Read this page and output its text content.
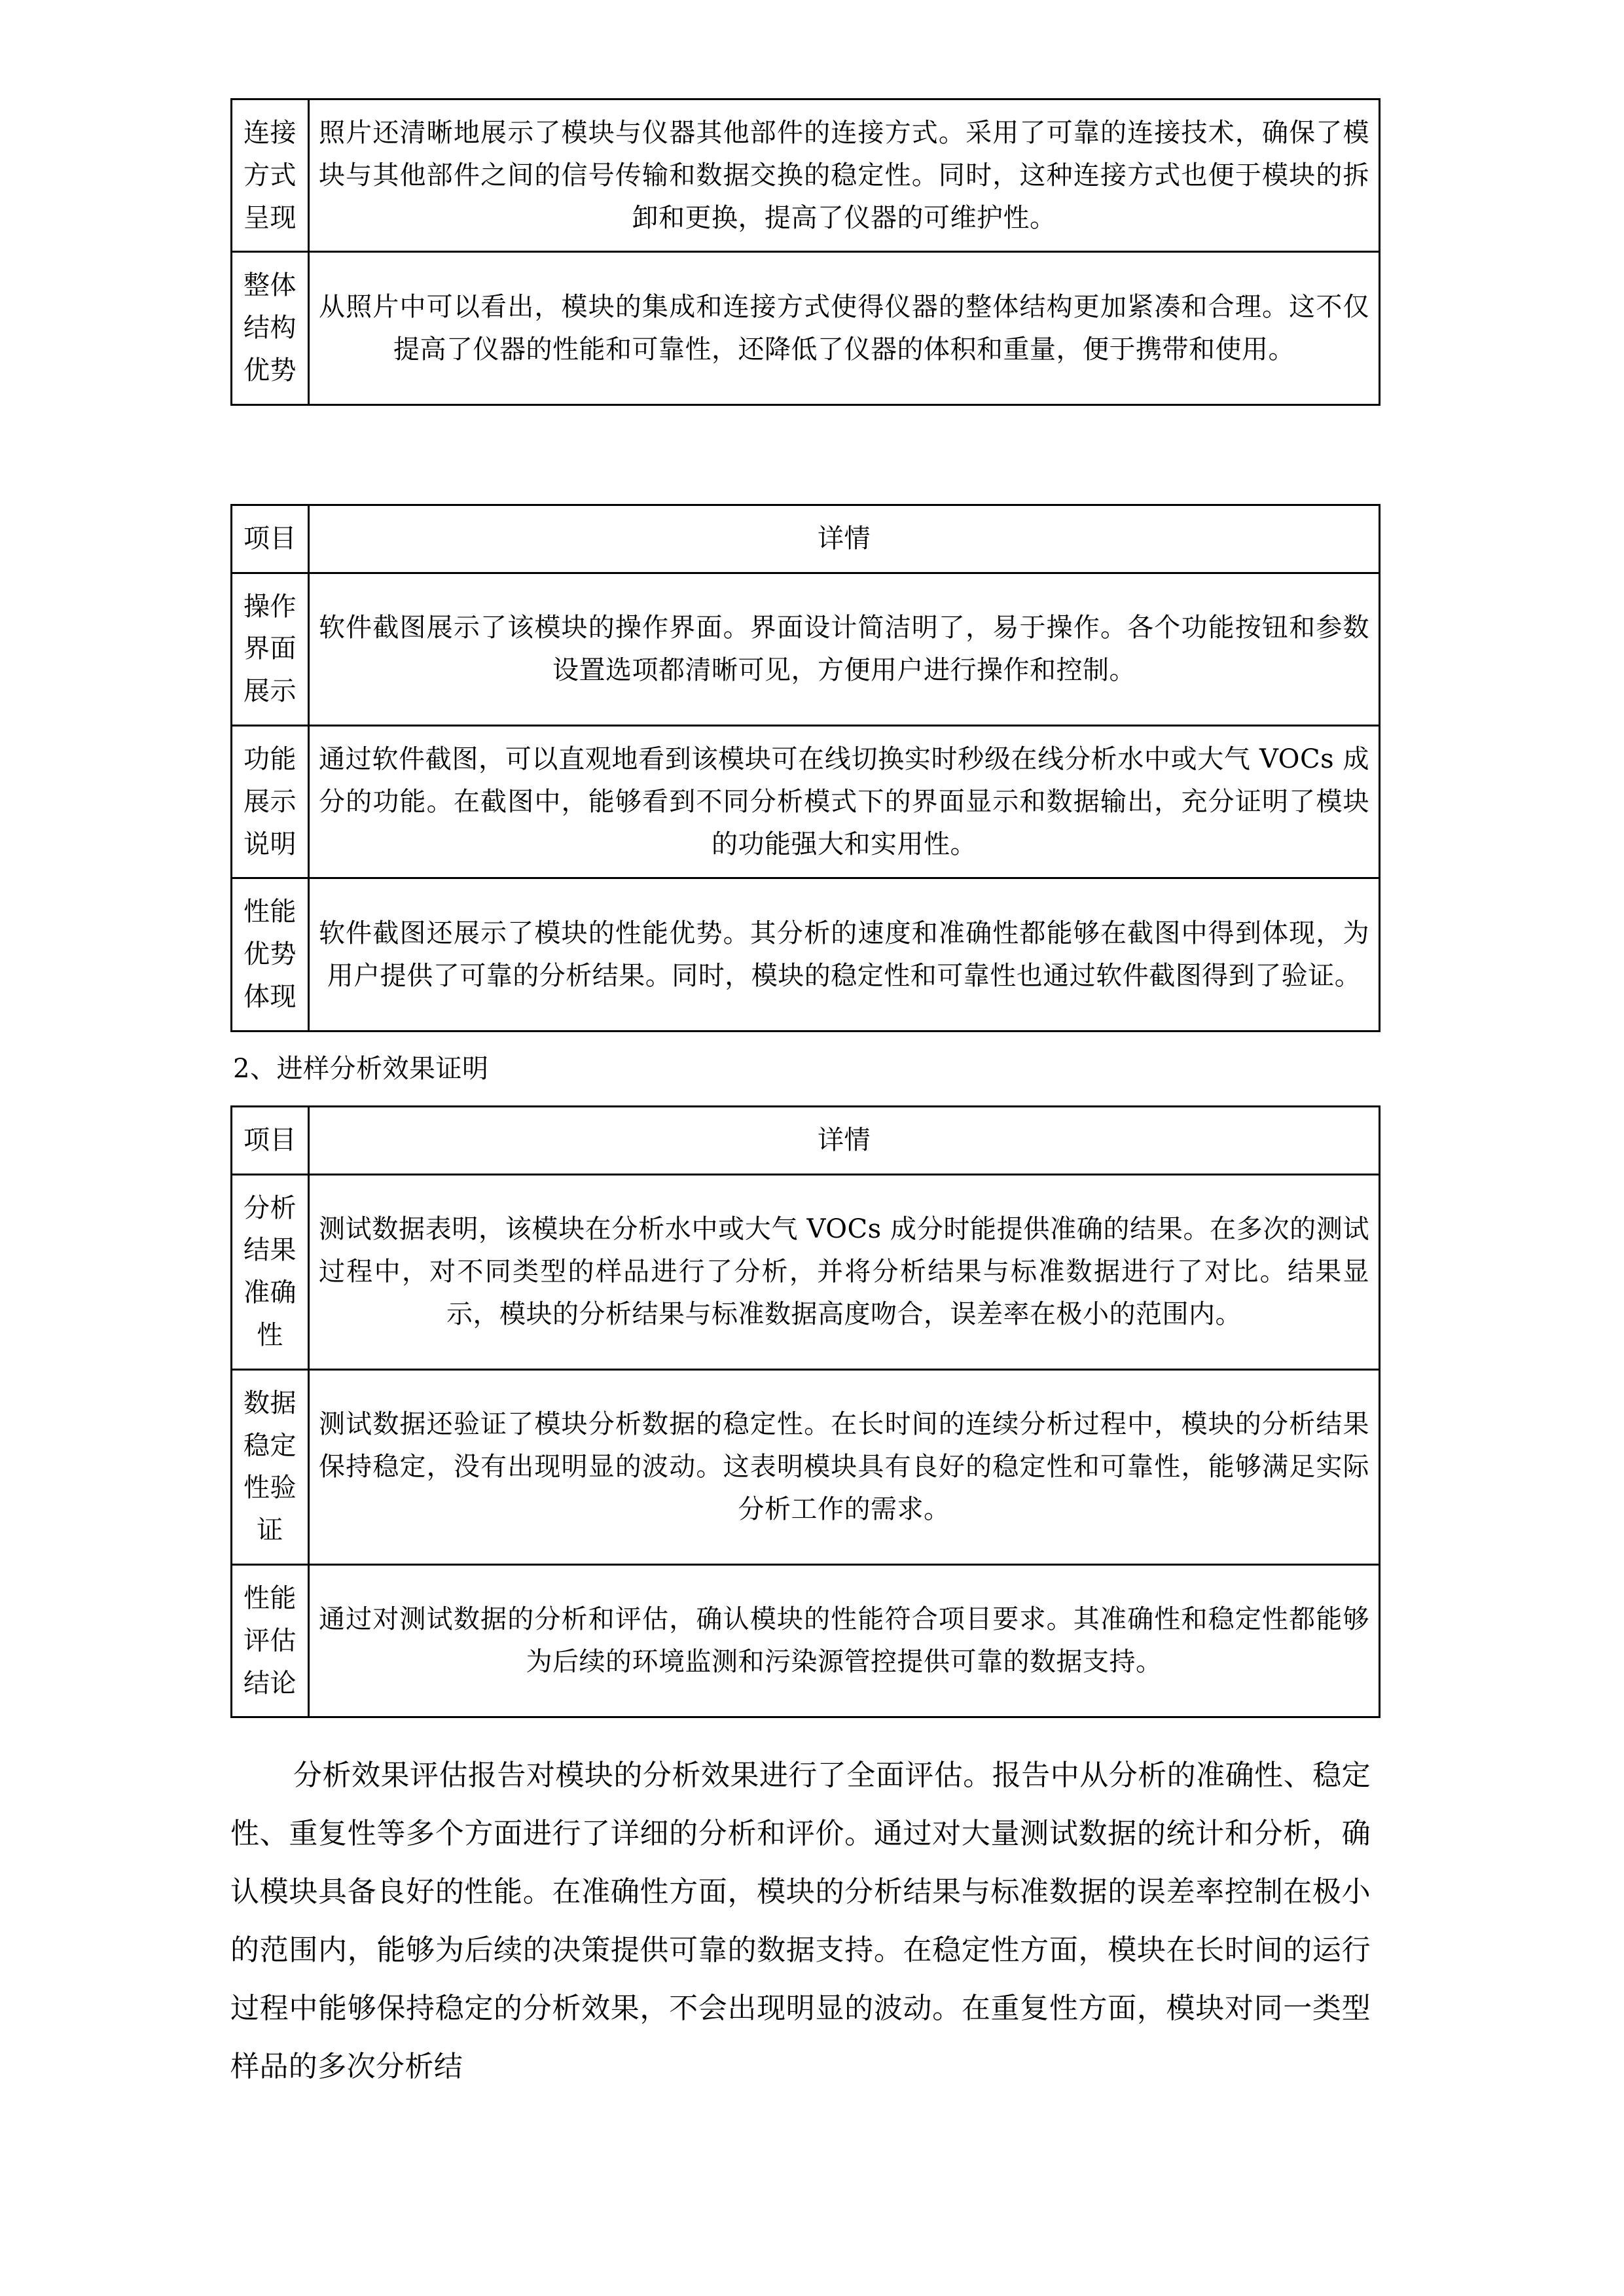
连接方式呈现	照片还清晰地展示了模块与仪器其他部件的连接方式。采用了可靠的连接技术，确保了模块与其他部件之间的信号传输和数据交换的稳定性。同时，这种连接方式也便于模块的拆卸和更换，提高了仪器的可维护性。
整体结构优势	从照片中可以看出，模块的集成和连接方式使得仪器的整体结构更加紧凑和合理。这不仅提高了仪器的性能和可靠性，还降低了仪器的体积和重量，便于携带和使用。
项目	详情
操作界面展示	软件截图展示了该模块的操作界面。界面设计简洁明了，易于操作。各个功能按钮和参数设置选项都清晰可见，方便用户进行操作和控制。
功能展示说明	通过软件截图，可以直观地看到该模块可在线切换实时秒级在线分析水中或大气 VOCs 成分的功能。在截图中，能够看到不同分析模式下的界面显示和数据输出，充分证明了模块的功能强大和实用性。
性能优势体现	软件截图还展示了模块的性能优势。其分析的速度和准确性都能够在截图中得到体现，为用户提供了可靠的分析结果。同时，模块的稳定性和可靠性也通过软件截图得到了验证。

2、进样分析效果证明

项目	详情
分析结果准确性	测试数据表明，该模块在分析水中或大气 VOCs 成分时能提供准确的结果。在多次的测试过程中，对不同类型的样品进行了分析，并将分析结果与标准数据进行了对比。结果显示，模块的分析结果与标准数据高度吻合，误差率在极小的范围内。
数据稳定性验证	测试数据还验证了模块分析数据的稳定性。在长时间的连续分析过程中，模块的分析结果保持稳定，没有出现明显的波动。这表明模块具有良好的稳定性和可靠性，能够满足实际分析工作的需求。
性能评估结论	通过对测试数据的分析和评估，确认模块的性能符合项目要求。其准确性和稳定性都能够为后续的环境监测和污染源管控提供可靠的数据支持。

分析效果评估报告对模块的分析效果进行了全面评估。报告中从分析的准确性、稳定性、重复性等多个方面进行了详细的分析和评价。通过对大量测试数据的统计和分析，确认模块具备良好的性能。在准确性方面，模块的分析结果与标准数据的误差率控制在极小的范围内，能够为后续的决策提供可靠的数据支持。在稳定性方面，模块在长时间的运行过程中能够保持稳定的分析效果，不会出现明显的波动。在重复性方面，模块对同一类型样品的多次分析结
